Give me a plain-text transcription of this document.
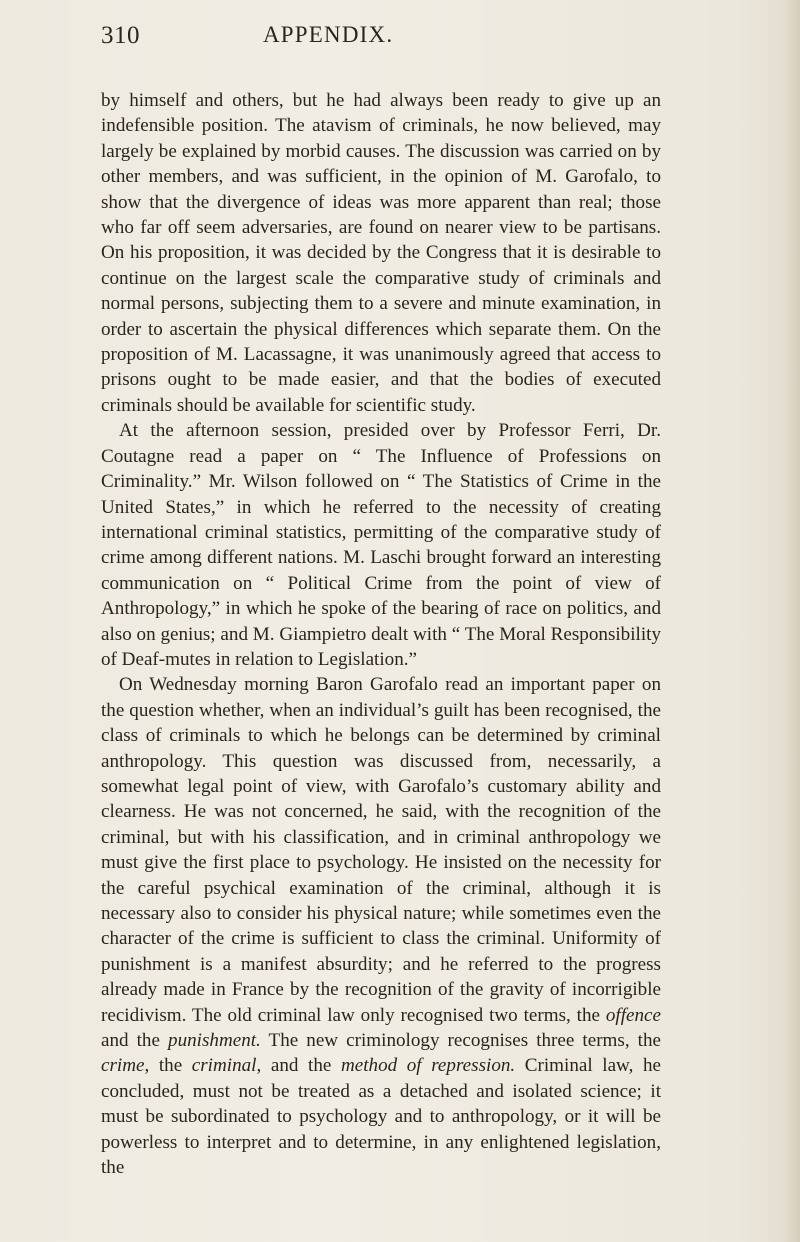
310	APPENDIX.

by himself and others, but he had always been ready to give up an indefensible position. The atavism of criminals, he now believed, may largely be explained by morbid causes. The discussion was carried on by other members, and was sufficient, in the opinion of M. Garofalo, to show that the divergence of ideas was more apparent than real; those who far off seem adversaries, are found on nearer view to be partisans. On his proposition, it was decided by the Congress that it is desirable to continue on the largest scale the comparative study of criminals and normal persons, subjecting them to a severe and minute examination, in order to ascertain the physical differences which separate them. On the proposition of M. Lacassagne, it was unanimously agreed that access to prisons ought to be made easier, and that the bodies of executed criminals should be available for scientific study.

At the afternoon session, presided over by Professor Ferri, Dr. Coutagne read a paper on “ The Influence of Professions on Criminality.” Mr. Wilson followed on “ The Statistics of Crime in the United States,” in which he referred to the necessity of creating international criminal statistics, permitting of the comparative study of crime among different nations. M. Laschi brought forward an interesting communication on “ Political Crime from the point of view of Anthropology,” in which he spoke of the bearing of race on politics, and also on genius; and M. Giampietro dealt with “ The Moral Responsibility of Deaf-mutes in relation to Legislation.”

On Wednesday morning Baron Garofalo read an important paper on the question whether, when an individual’s guilt has been recognised, the class of criminals to which he belongs can be determined by criminal anthropology. This question was discussed from, necessarily, a somewhat legal point of view, with Garofalo’s customary ability and clearness. He was not concerned, he said, with the recognition of the criminal, but with his classification, and in criminal anthropology we must give the first place to psychology. He insisted on the necessity for the careful psychical examination of the criminal, although it is necessary also to consider his physical nature; while sometimes even the character of the crime is sufficient to class the criminal. Uniformity of punishment is a manifest absurdity; and he referred to the progress already made in France by the recognition of the gravity of incorrigible recidivism. The old criminal law only recognised two terms, the offence and the punishment. The new criminology recognises three terms, the crime, the criminal, and the method of repression. Criminal law, he concluded, must not be treated as a detached and isolated science; it must be subordinated to psychology and to anthropology, or it will be powerless to interpret and to determine, in any enlightened legislation, the
